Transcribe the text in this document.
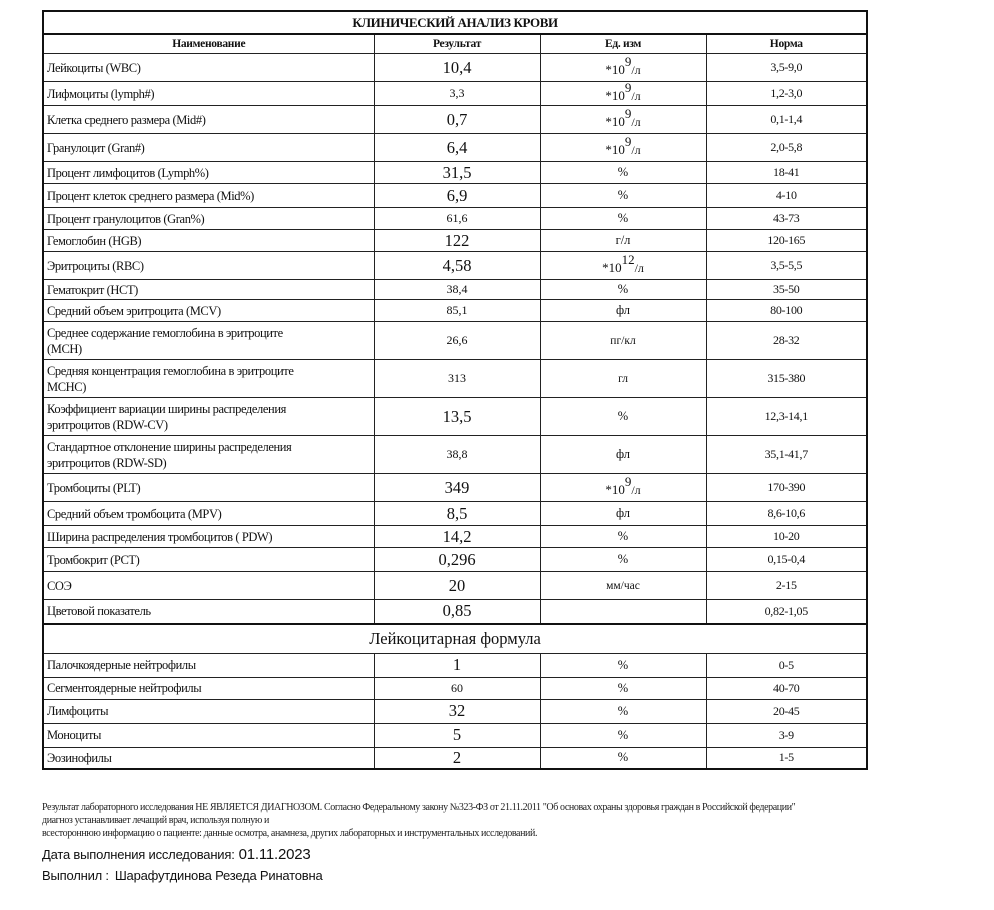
КЛИНИЧЕСКИЙ АНАЛИЗ КРОВИ			
Наименование	Результат	Ед. изм	Норма
Лейкоциты (WBC)	10,4	$*10^9/л$	3,5-9,0
Лифмоциты (lymph#)	3,3	$*10^9/л$	1,2-3,0
Клетка среднего размера (Mid#)	0,7	$*10^9/л$	0,1-1,4
Гранулоцит (Gran#)	6,4	$*10^9/л$	2,0-5,8
Процент лимфоцитов (Lymph%)	31,5	%	18-41
Процент клеток среднего размера (Mid%)	6,9	%	4-10
Процент гранулоцитов (Gran%)	61,6	%	43-73
Гемоглобин (HGB)	122	г/л	120-165
Эритроциты (RBC)	4,58	$*10^{12}/л$	3,5-5,5
Гематокрит (HCT)	38,4	%	35-50
Средний объем эритроцита (MCV)	85,1	фл	80-100
Среднее содержание гемоглобина в эритроците
(MCH)	26,6	пг/кл	28-32
Средняя концентрация гемоглобина в эритроците
MCHC)	313	гл	315-380
Коэффициент вариации ширины распределения
эритроцитов (RDW-CV)	13,5	%	12,3-14,1
Стандартное отклонение ширины распределения
эритроцитов (RDW-SD)	38,8	фл	35,1-41,7
Тромбоциты (PLT)	349	$*10^9/л$	170-390
Средний объем тромбоцита (MPV)	8,5	фл	8,6-10,6
Ширина распределения тромбоцитов ( PDW)	14,2	%	10-20
Тромбокрит (PCT)	0,296	%	0,15-0,4
СОЭ	20	мм/час	2-15
Цветовой показатель	0,85		0,82-1,05
Лейкоцитарная формула			
Палочкоядерные нейтрофилы	1	%	0-5
Сегментоядерные нейтрофилы	60	%	40-70
Лимфоциты	32	%	20-45
Моноциты	5	%	3-9
Эозинофилы	2	%	1-5
Результат лабораторного исследования НЕ ЯВЛЯЕТСЯ ДИАГНОЗОМ. Согласно Федеральному закону №323-ФЗ от 21.11.2011 "Об основах охраны здоровья граждан в Российской федерации"
диагноз устанавливает лечащий врач, используя полную и
всестороннюю информацию о пациенте: данные осмотра, анамнеза, других лабораторных и инструментальных исследований.
Дата выполнения исследования: 01.11.2023
Выполнил : Шарафутдинова Резеда Ринатовна
